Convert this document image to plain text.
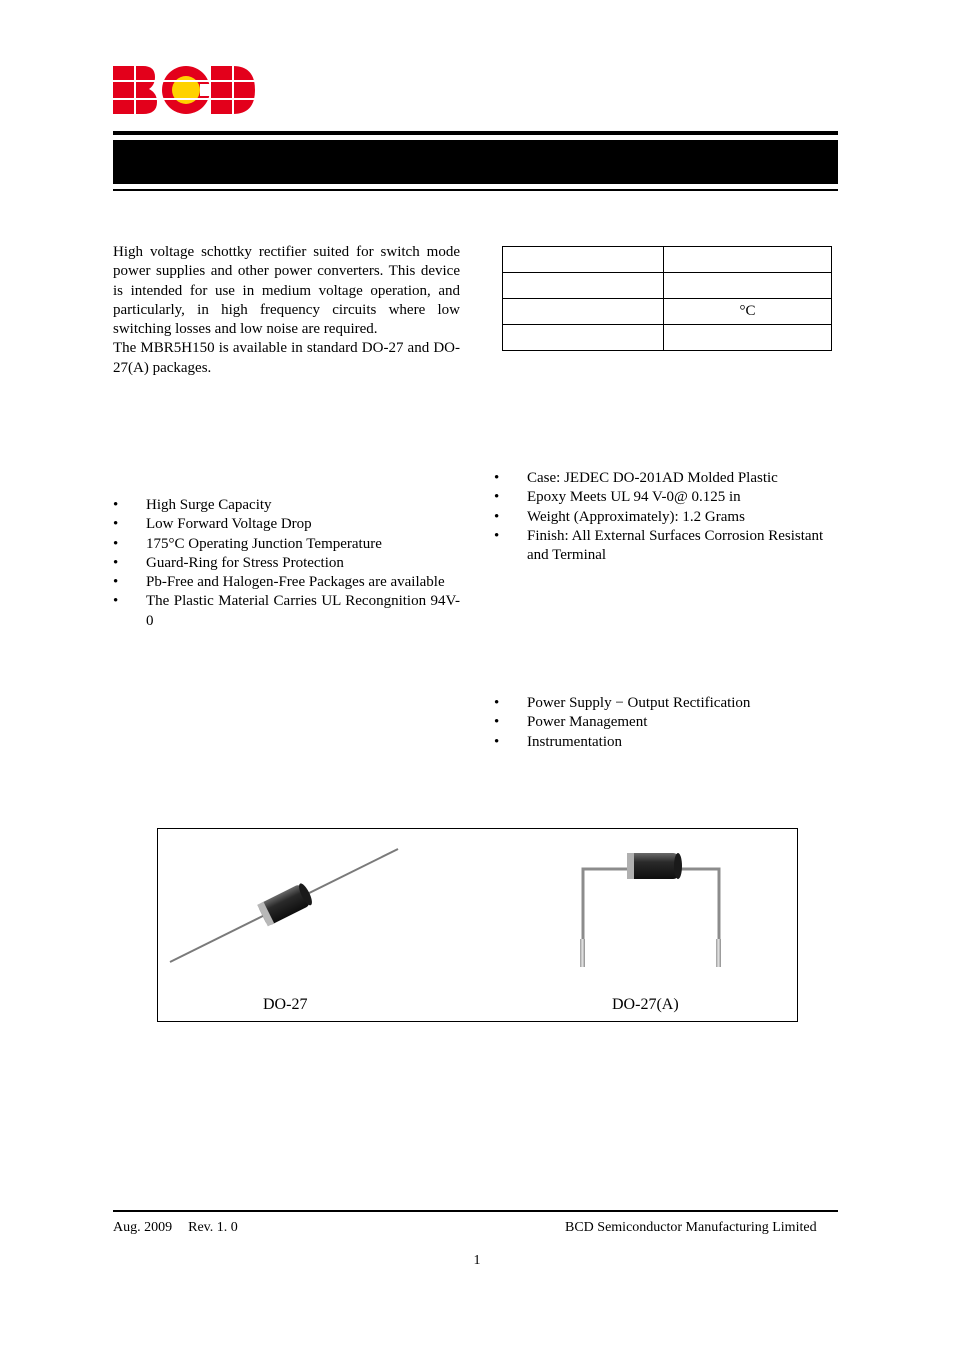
High voltage schottky rectifier suited for switch mode power supplies and other power converters. This device is intended for use in medium voltage operation, and particularly, in high frequency circuits where low switching losses and low noise are required.

The MBR5H150 is available in standard DO-27 and DO-27(A) packages.

	°C

• High Surge Capacity
• Low Forward Voltage Drop
• 175°C Operating Junction Temperature
• Guard-Ring for Stress Protection
• Pb-Free and Halogen-Free Packages are available
• The Plastic Material Carries UL Recongnition 94V-0
• Case: JEDEC DO-201AD Molded Plastic
• Epoxy Meets UL 94 V-0@ 0.125 in
• Weight (Approximately): 1.2 Grams
• Finish: All External Surfaces Corrosion Resistant and Terminal
• Power Supply − Output Rectification
• Power Management
• Instrumentation
DO-27	DO-27(A)
Aug. 2009 Rev. 1. 0	BCD Semiconductor Manufacturing Limited
1
